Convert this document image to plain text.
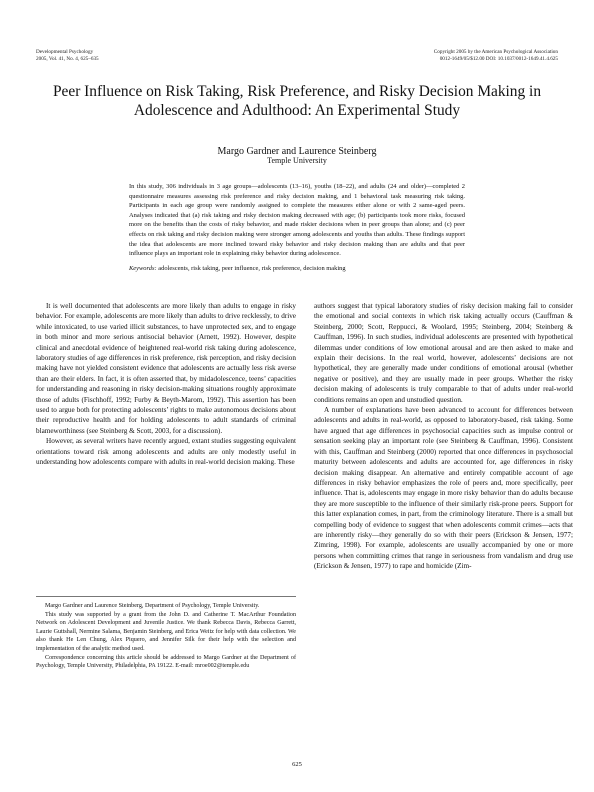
Developmental Psychology
2005, Vol. 41, No. 4, 625–635
Copyright 2005 by the American Psychological Association
0012-1649/05/$12.00 DOI: 10.1037/0012-1649.41.4.625
Peer Influence on Risk Taking, Risk Preference, and Risky Decision Making in Adolescence and Adulthood: An Experimental Study
Margo Gardner and Laurence Steinberg
Temple University

In this study, 306 individuals in 3 age groups—adolescents (13–16), youths (18–22), and adults (24 and older)—completed 2 questionnaire measures assessing risk preference and risky decision making, and 1 behavioral task measuring risk taking. Participants in each age group were randomly assigned to complete the measures either alone or with 2 same-aged peers. Analyses indicated that (a) risk taking and risky decision making decreased with age; (b) participants took more risks, focused more on the benefits than the costs of risky behavior, and made riskier decisions when in peer groups than alone; and (c) peer effects on risk taking and risky decision making were stronger among adolescents and youths than adults. These findings support the idea that adolescents are more inclined toward risky behavior and risky decision making than are adults and that peer influence plays an important role in explaining risky behavior during adolescence.

Keywords: adolescents, risk taking, peer influence, risk preference, decision making

It is well documented that adolescents are more likely than adults to engage in risky behavior. For example, adolescents are more likely than adults to drive recklessly, to drive while intoxicated, to use varied illicit substances, to have unprotected sex, and to engage in both minor and more serious antisocial behavior (Arnett, 1992). However, despite clinical and anecdotal evidence of heightened real-world risk taking during adolescence, laboratory studies of age differences in risk preference, risk perception, and risky decision making have not yielded consistent evidence that adolescents are actually less risk averse than are their elders. In fact, it is often asserted that, by midadolescence, teens’ capacities for understanding and reasoning in risky decision-making situations roughly approximate those of adults (Fischhoff, 1992; Furby & Beyth-Marom, 1992). This assertion has been used to argue both for protecting adolescents’ rights to make autonomous decisions about their reproductive health and for holding adolescents to adult standards of criminal blameworthiness (see Steinberg & Scott, 2003, for a discussion).

However, as several writers have recently argued, extant studies suggesting equivalent orientations toward risk among adolescents and adults are only modestly useful in understanding how adolescents compare with adults in real-world decision making. These

Margo Gardner and Laurence Steinberg, Department of Psychology, Temple University.

This study was supported by a grant from the John D. and Catherine T. MacArthur Foundation Network on Adolescent Development and Juvenile Justice. We thank Rebecca Davis, Rebecca Garrett, Laurie Guttshall, Nermine Salama, Benjamin Steinberg, and Erica Weitz for help with data collection. We also thank He Len Chung, Alex Piquero, and Jennifer Silk for their help with the selection and implementation of the analytic method used.

Correspondence concerning this article should be addressed to Margo Gardner at the Department of Psychology, Temple University, Philadelphia, PA 19122. E-mail: mroe002@temple.edu

authors suggest that typical laboratory studies of risky decision making fail to consider the emotional and social contexts in which risk taking actually occurs (Cauffman & Steinberg, 2000; Scott, Reppucci, & Woolard, 1995; Steinberg, 2004; Steinberg & Cauffman, 1996). In such studies, individual adolescents are presented with hypothetical dilemmas under conditions of low emotional arousal and are then asked to make and explain their decisions. In the real world, however, adolescents’ decisions are not hypothetical, they are generally made under conditions of emotional arousal (whether negative or positive), and they are usually made in peer groups. Whether the risky decision making of adolescents is truly comparable to that of adults under real-world conditions remains an open and unstudied question.

A number of explanations have been advanced to account for differences between adolescents and adults in real-world, as opposed to laboratory-based, risk taking. Some have argued that age differences in psychosocial capacities such as impulse control or sensation seeking play an important role (see Steinberg & Cauffman, 1996). Consistent with this, Cauffman and Steinberg (2000) reported that once differences in psychosocial maturity between adolescents and adults are accounted for, age differences in risky decision making disappear. An alternative and entirely compatible account of age differences in risky behavior emphasizes the role of peers and, more specifically, peer influence. That is, adolescents may engage in more risky behavior than do adults because they are more susceptible to the influence of their similarly risk-prone peers. Support for this latter explanation comes, in part, from the criminology literature. There is a small but compelling body of evidence to suggest that when adolescents commit crimes—acts that are inherently risky—they generally do so with their peers (Erickson & Jensen, 1977; Zimring, 1998). For example, adolescents are usually accompanied by one or more persons when committing crimes that range in seriousness from vandalism and drug use (Erickson & Jensen, 1977) to rape and homicide (Zim-

625
